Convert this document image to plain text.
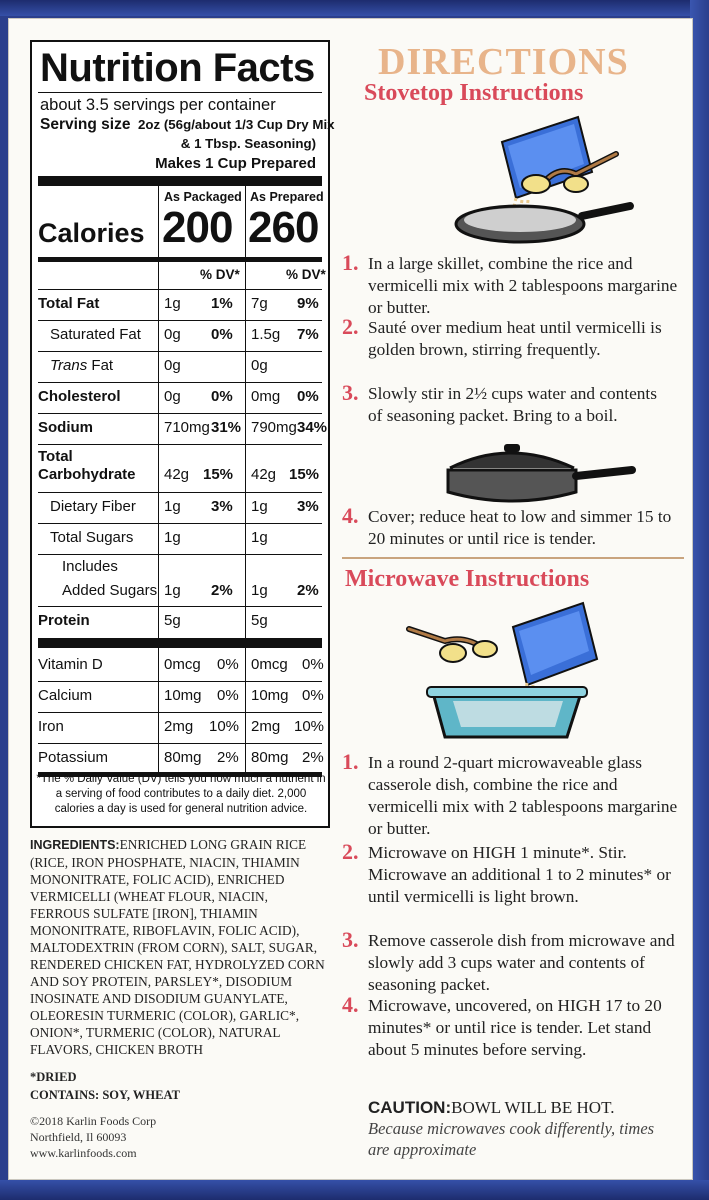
Nutrition Facts
about 3.5 servings per container
Serving size 2oz (56g/about 1/3 Cup Dry Mix
& 1 Tbsp. Seasoning)
Makes 1 Cup Prepared
As Packaged As Prepared
Calories 200 260
% DV*	% DV*
Total Fat	1g 1% 7g 9%
Saturated Fat 0g 0% 1.5g 7%
Trans Fat	0g	0g
Cholesterol	0g 0% 0mg 0%
Sodium	710mg 31% 790mg 34%
Total
Carbohydrate 42g 15% 42g 15%
Dietary Fiber 1g 3% 1g 3%
Total Sugars 1g	1g
Includes
Added Sugars 1g 2% 1g 2%
Protein	5g	5g
Vitamin D	0mcg 0% 0mcg 0%
Calcium	10mg 0% 10mg 0%
Iron	2mg 10% 2mg 10%
Potassium	80mg 2% 80mg 2%
*The % Daily Value (DV) tells you how much a nutrient in a serving of food contributes to a daily diet. 2,000 calories a day is used for general nutrition advice.
INGREDIENTS:ENRICHED LONG GRAIN RICE (RICE, IRON PHOSPHATE, NIACIN, THIAMIN MONONITRATE, FOLIC ACID), ENRICHED VERMICELLI (WHEAT FLOUR, NIACIN, FERROUS SULFATE [IRON], THIAMIN MONONITRATE, RIBOFLAVIN, FOLIC ACID), MALTODEXTRIN (FROM CORN), SALT, SUGAR, RENDERED CHICKEN FAT, HYDROLYZED CORN AND SOY PROTEIN, PARSLEY*, DISODIUM INOSINATE AND DISODIUM GUANYLATE, OLEORESIN TURMERIC (COLOR), GARLIC*, ONION*, TURMERIC (COLOR), NATURAL FLAVORS, CHICKEN BROTH
*DRIED
CONTAINS: SOY, WHEAT
©2018 Karlin Foods Corp
Northfield, Il 60093
www.karlinfoods.com
DIRECTIONS
Stovetop Instructions
1. In a large skillet, combine the rice and vermicelli mix with 2 tablespoons margarine or butter.
2. Sauté over medium heat until vermicelli is golden brown, stirring frequently.
3. Slowly stir in 2½ cups water and contents of seasoning packet. Bring to a boil.
4. Cover; reduce heat to low and simmer 15 to 20 minutes or until rice is tender.
Microwave Instructions
1. In a round 2-quart microwaveable glass casserole dish, combine the rice and vermicelli mix with 2 tablespoons margarine or butter.
2. Microwave on HIGH 1 minute*. Stir. Microwave an additional 1 to 2 minutes* or until vermicelli is light brown.
3. Remove casserole dish from microwave and slowly add 3 cups water and contents of seasoning packet.
4. Microwave, uncovered, on HIGH 17 to 20 minutes* or until rice is tender. Let stand about 5 minutes before serving.
CAUTION:BOWL WILL BE HOT.
Because microwaves cook differently, times are approximate
